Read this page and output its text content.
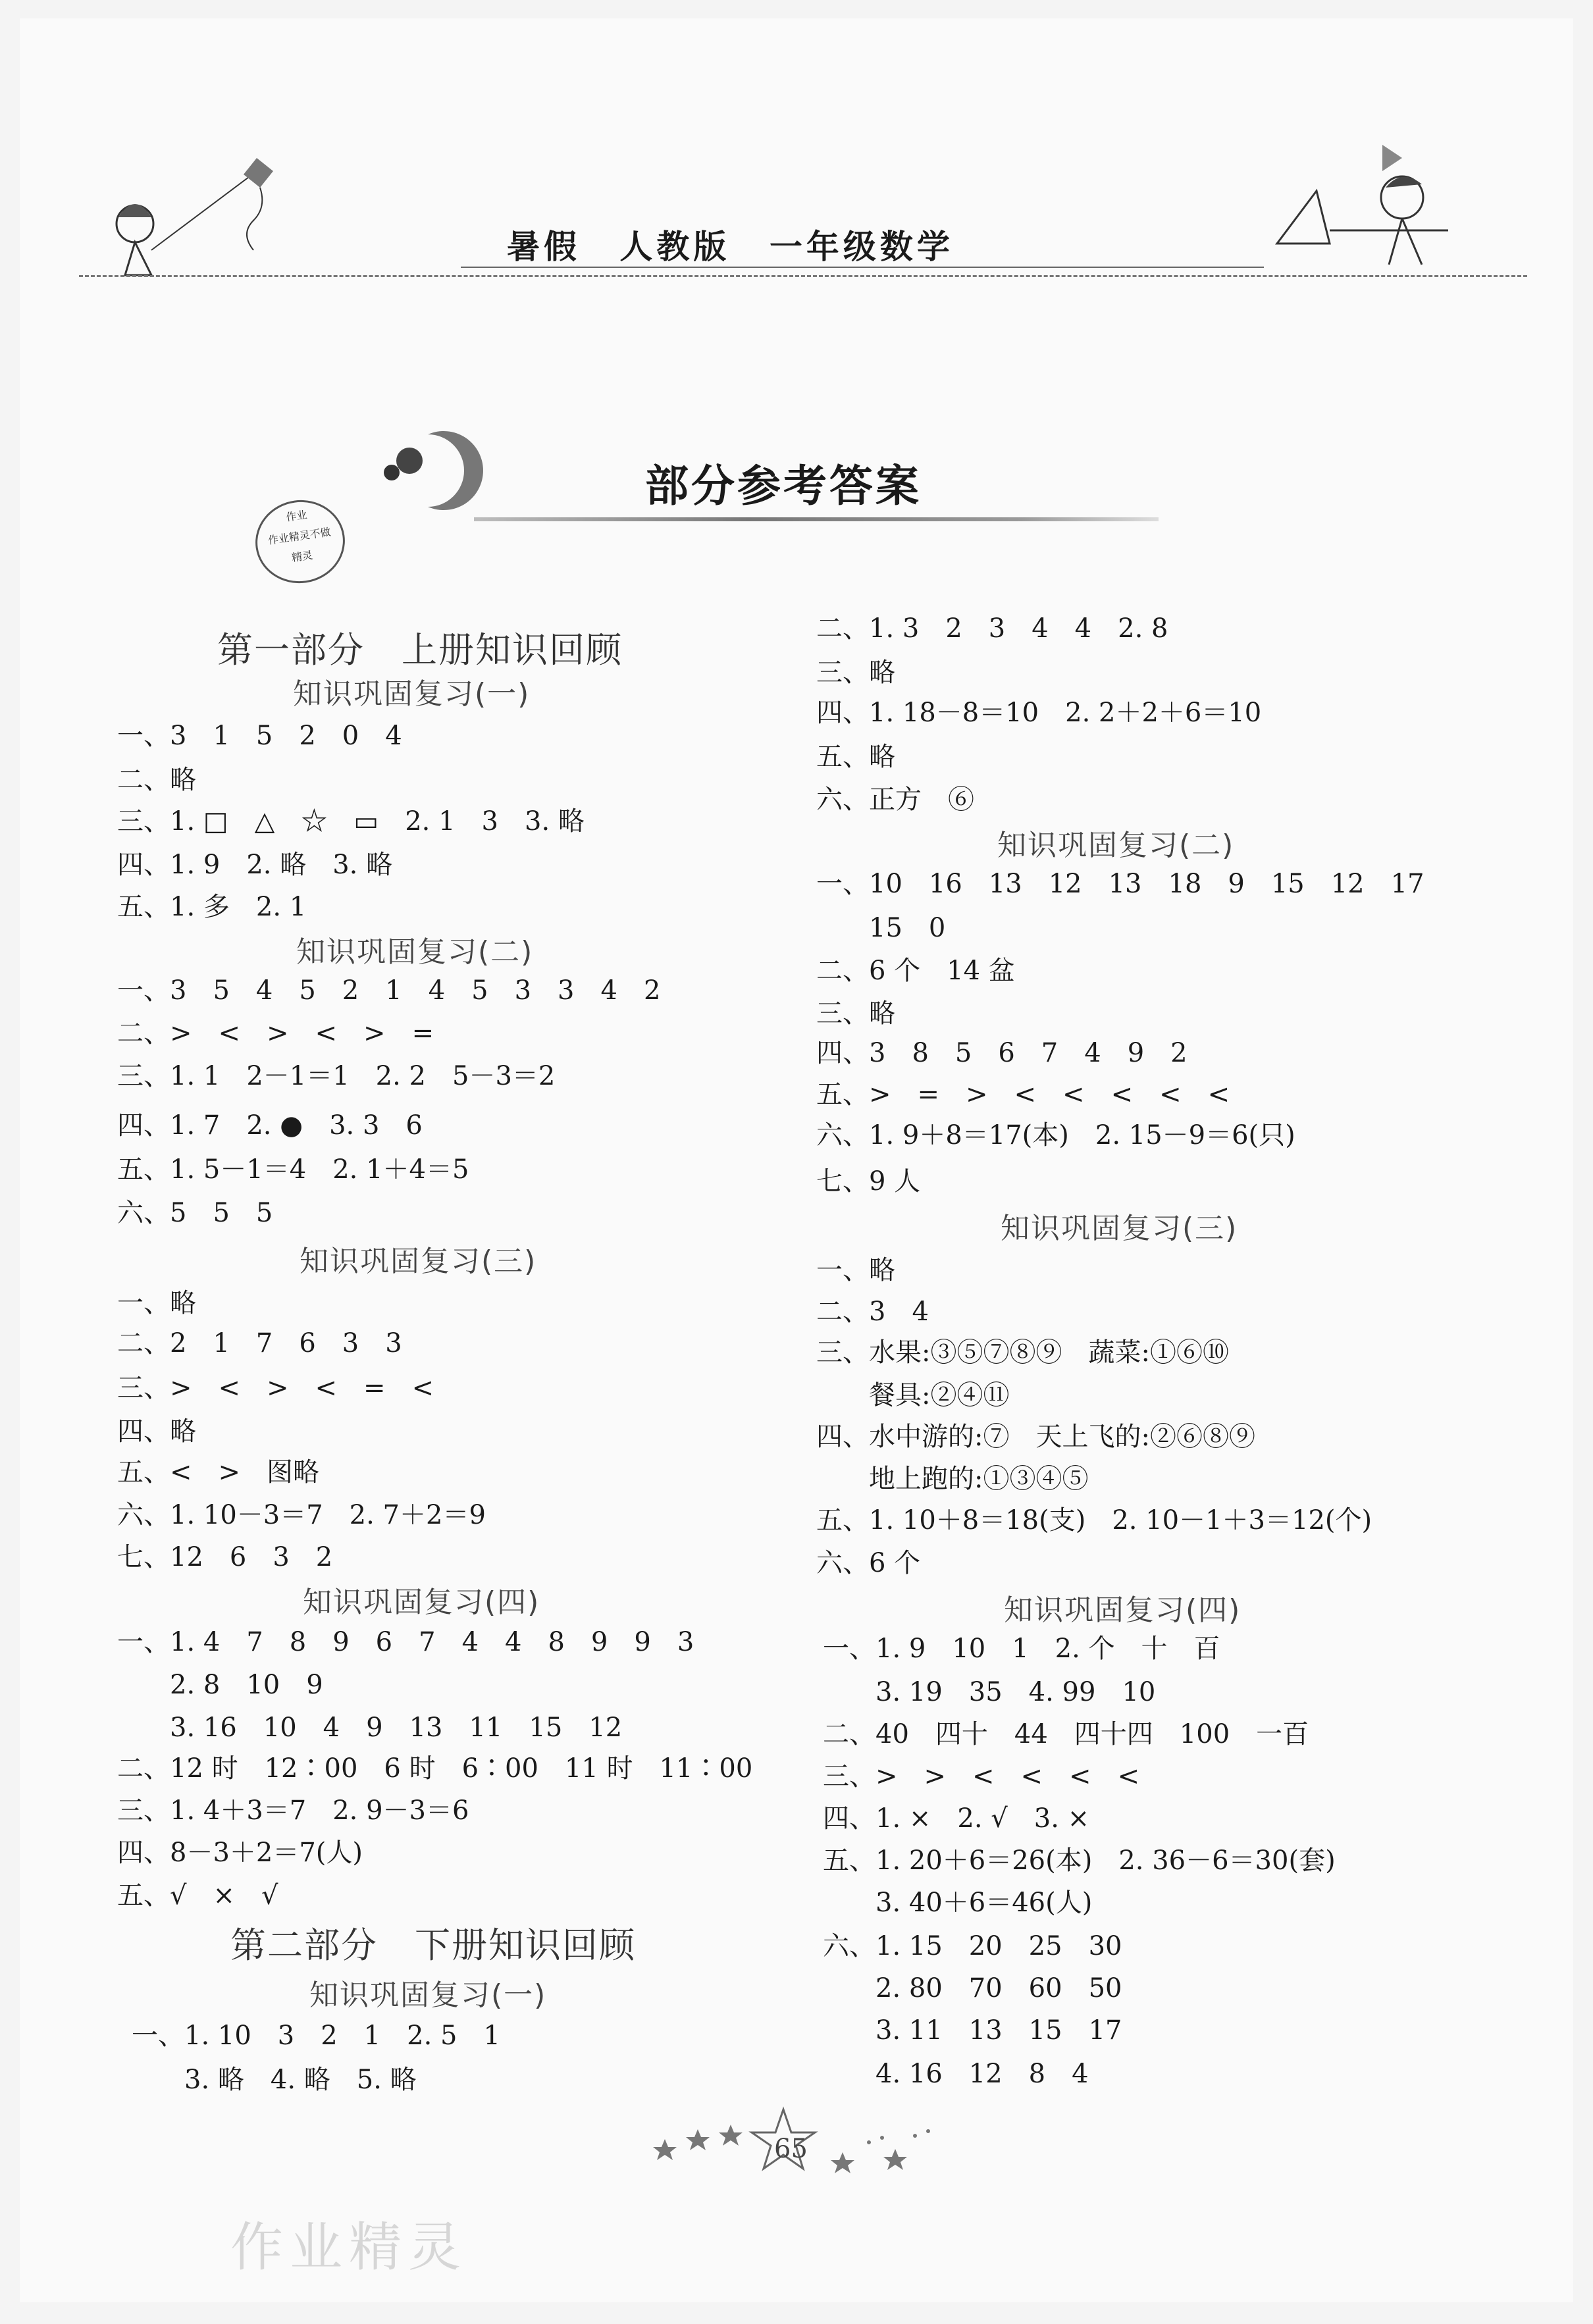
暑假 人教版 一年级数学
部分参考答案
作业
作业精灵不做
精灵
第一部分　上册知识回顾
知识巩固复习(一)
一、3　1　5　2　0　4
二、略
三、1. □　△　☆　▭　2. 1　3　3. 略
四、1. 9　2. 略　3. 略
五、1. 多　2. 1
知识巩固复习(二)
一、3　5　4　5　2　1　4　5　3　3　4　2
二、>　<　>　<　>　=
三、1. 1　2－1＝1　2. 2　5－3＝2
四、1. 7　2. ●　3. 3　6
五、1. 5－1＝4　2. 1＋4＝5
六、5　5　5
知识巩固复习(三)
一、略
二、2　1　7　6　3　3
三、>　<　>　<　=　<
四、略
五、<　>　图略
六、1. 10－3＝7　2. 7＋2＝9
七、12　6　3　2
知识巩固复习(四)
一、1. 4　7　8　9　6　7　4　4　8　9　9　3
　　2. 8　10　9
　　3. 16　10　4　9　13　11　15　12
二、12 时　12∶00　6 时　6∶00　11 时　11∶00
三、1. 4＋3＝7　2. 9－3＝6
四、8－3＋2＝7(人)
五、√　×　√
第二部分　下册知识回顾
知识巩固复习(一)
一、1. 10　3　2　1　2. 5　1
　　3. 略　4. 略　5. 略
二、1. 3　2　3　4　4　2. 8
三、略
四、1. 18－8＝10　2. 2＋2＋6＝10
五、略
六、正方　⑥
知识巩固复习(二)
一、10　16　13　12　13　18　9　15　12　17
　　15　0
二、6 个　14 盆
三、略
四、3　8　5　6　7　4　9　2
五、>　=　>　<　<　<　<　<
六、1. 9＋8＝17(本)　2. 15－9＝6(只)
七、9 人
知识巩固复习(三)
一、略
二、3　4
三、水果:③⑤⑦⑧⑨　蔬菜:①⑥⑩
　　餐具:②④⑪
四、水中游的:⑦　天上飞的:②⑥⑧⑨
　　地上跑的:①③④⑤
五、1. 10＋8＝18(支)　2. 10－1＋3＝12(个)
六、6 个
知识巩固复习(四)
一、1. 9　10　1　2. 个　十　百
　　3. 19　35　4. 99　10
二、40　四十　44　四十四　100　一百
三、>　>　<　<　<　<
四、1. ×　2. √　3. ×
五、1. 20＋6＝26(本)　2. 36－6＝30(套)
　　3. 40＋6＝46(人)
六、1. 15　20　25　30
　　2. 80　70　60　50
　　3. 11　13　15　17
　　4. 16　12　8　4
65
作业精灵
